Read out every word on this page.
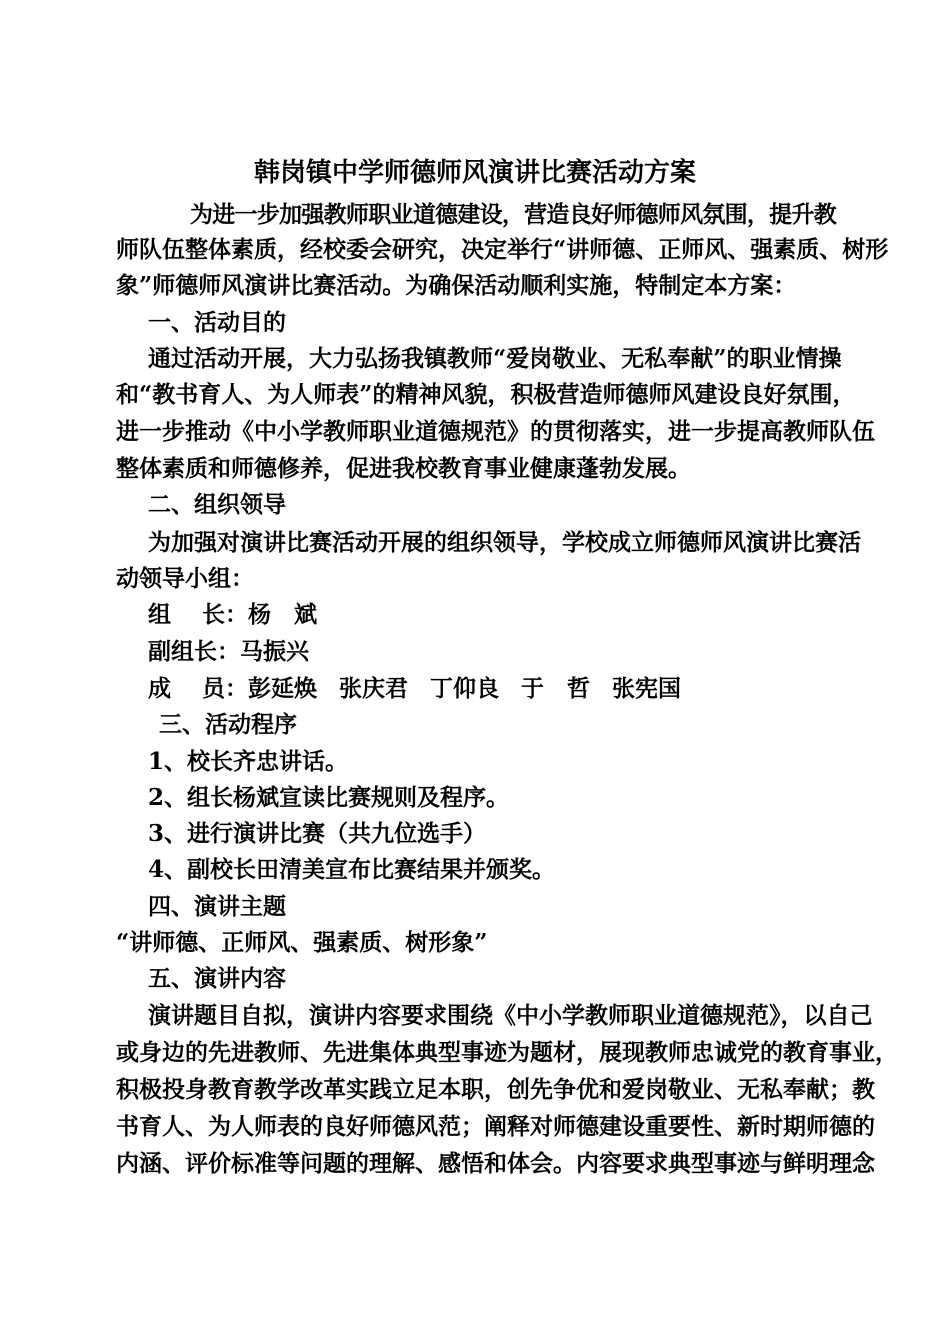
韩岗镇中学师德师风演讲比赛活动方案
为进一步加强教师职业道德建设，营造良好师德师风氛围，提升教
师队伍整体素质，经校委会研究，决定举行“讲师德、正师风、强素质、树形
象”师德师风演讲比赛活动。为确保活动顺利实施，特制定本方案：
一、活动目的
通过活动开展，大力弘扬我镇教师“爱岗敬业、无私奉献”的职业情操
和“教书育人、为人师表”的精神风貌，积极营造师德师风建设良好氛围，
进一步推动《中小学教师职业道德规范》的贯彻落实，进一步提高教师队伍
整体素质和师德修养，促进我校教育事业健康蓬勃发展。
二、组织领导
为加强对演讲比赛活动开展的组织领导，学校成立师德师风演讲比赛活
动领导小组：
组　 长：杨　斌
副组长：马振兴
成　 员：彭延焕 张庆君 丁仰良 于　哲 张宪国
三、活动程序
1、校长齐忠讲话。
2、组长杨斌宣读比赛规则及程序。
3、进行演讲比赛（共九位选手）
4、副校长田清美宣布比赛结果并颁奖。
四、演讲主题
“讲师德、正师风、强素质、树形象”
五、演讲内容
演讲题目自拟，演讲内容要求围绕《中小学教师职业道德规范》，以自己
或身边的先进教师、先进集体典型事迹为题材，展现教师忠诚党的教育事业，
积极投身教育教学改革实践立足本职，创先争优和爱岗敬业、无私奉献；教
书育人、为人师表的良好师德风范；阐释对师德建设重要性、新时期师德的
内涵、评价标准等问题的理解、感悟和体会。内容要求典型事迹与鲜明理念
